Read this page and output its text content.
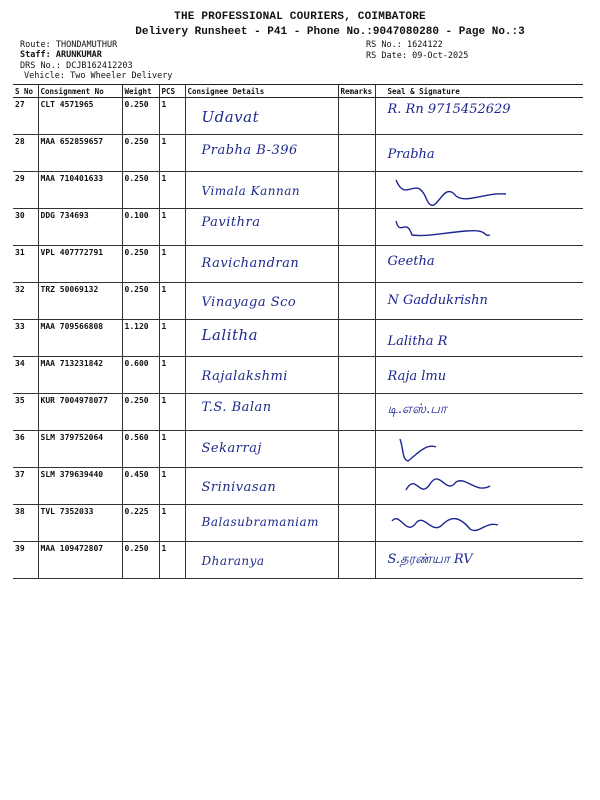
THE PROFESSIONAL COURIERS, COIMBATORE
Delivery Runsheet - P41 - Phone No.:9047080280 - Page No.:3
Route: THONDAMUTHUR
Staff: ARUNKUMAR
DRS No.: DCJB162412203
Vehicle: Two Wheeler Delivery
RS No.: 1624122
RS Date: 09-Oct-2025
S No	Consignment No	Weight	PCS	Consignee Details	Remarks	Seal & Signature
27	CLT 4571965	0.250	1	Udavat		R. Rn 9715452629

28	MAA 652859657	0.250	1	Prabha B-396		Prabha

29	MAA 710401633	0.250	1	Vimala Kannan

30	DDG 734693	0.100	1	Pavithra

31	VPL 407772791	0.250	1	Ravichandran		Geetha

32	TRZ 50069132	0.250	1	Vinayaga Sco		N Gaddukrishn

33	MAA 709566808	1.120	1	Lalitha		Lalitha R

34	MAA 713231842	0.600	1	Rajalakshmi		Raja lmu

35	KUR 7004978077	0.250	1	T.S. Balan		டி.எஸ்.பா

36	SLM 379752064	0.560	1	Sekarraj

37	SLM 379639440	0.450	1	Srinivasan

38	TVL 7352033	0.225	1	Balasubramaniam

39	MAA 109472807	0.250	1	Dharanya		S.தரண்யா RV
